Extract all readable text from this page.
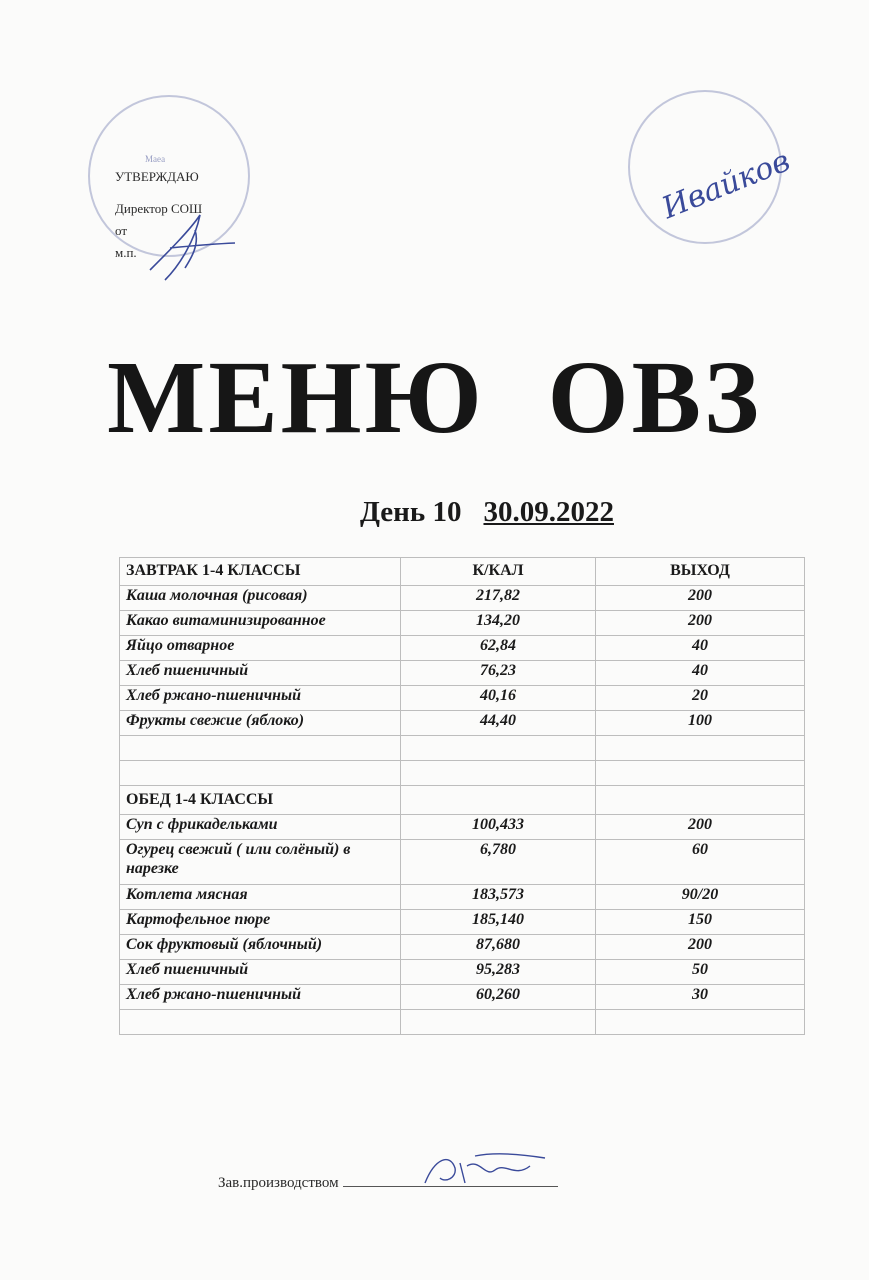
Маеа
УТВЕРЖДАЮ
Директор СОШ
от
м.п.
Ивайков
МЕНЮ ОВЗ
День 10 30.09.2022
ЗАВТРАК 1-4 КЛАССЫ	К/КАЛ	ВЫХОД
Каша молочная (рисовая)	217,82	200
Какао витаминизированное	134,20	200
Яйцо отварное	62,84	40
Хлеб пшеничный	76,23	40
Хлеб ржано-пшеничный	40,16	20
Фрукты свежие (яблоко)	44,40	100

ОБЕД 1-4 КЛАССЫ		
Суп с фрикадельками	100,433	200
Огурец свежий ( или солёный) в нарезке	6,780	60
Котлета мясная	183,573	90/20
Картофельное пюре	185,140	150
Сок фруктовый (яблочный)	87,680	200
Хлеб пшеничный	95,283	50
Хлеб ржано-пшеничный	60,260	30

Зав.производством
